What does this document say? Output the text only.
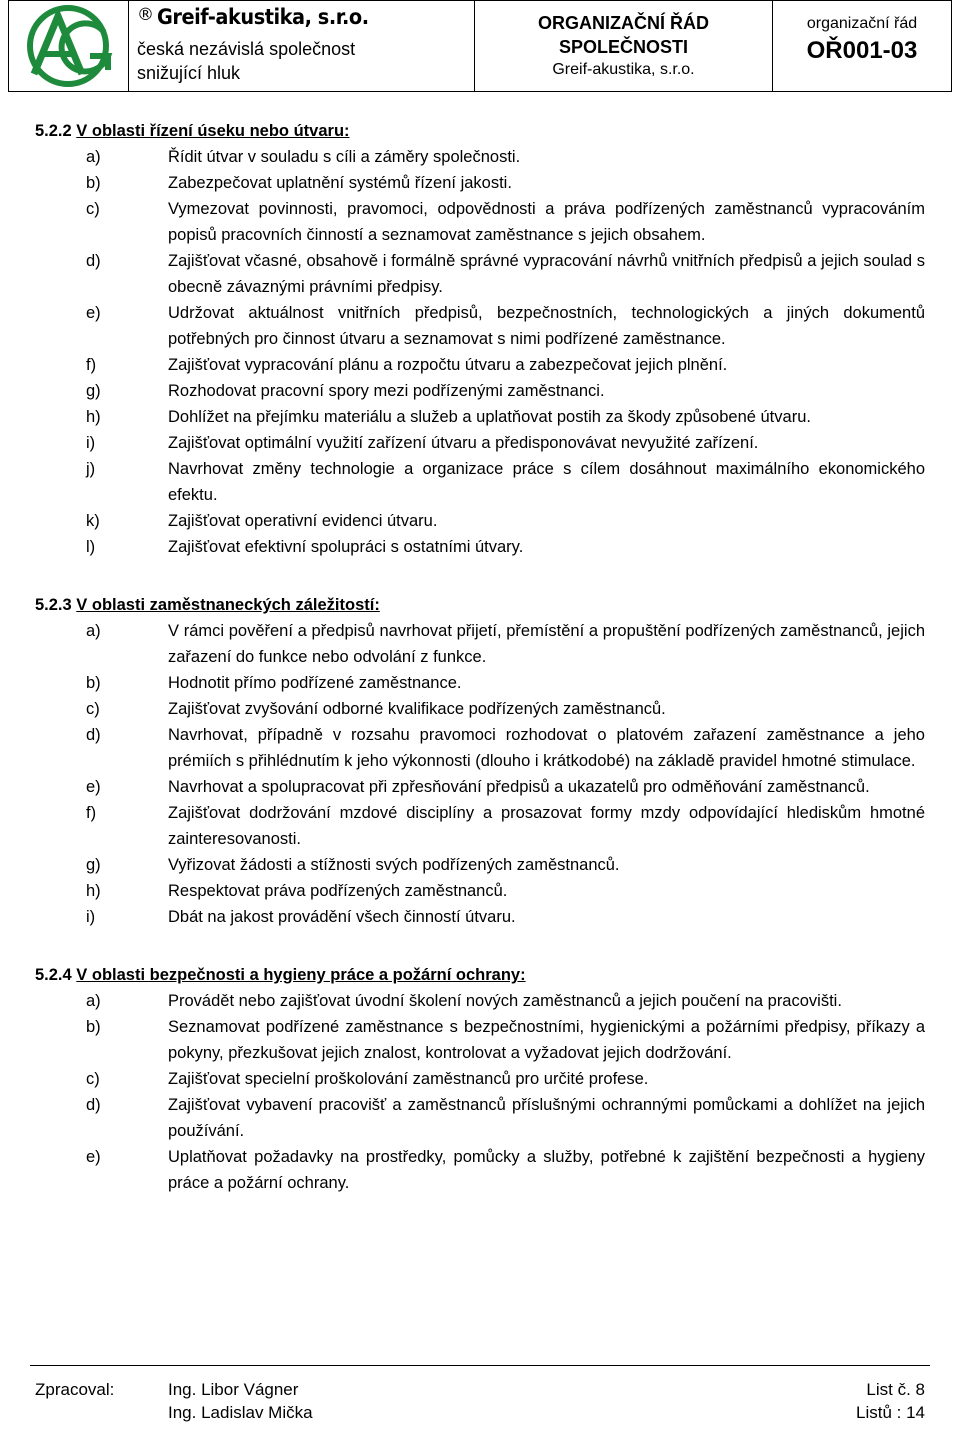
® Greif-akustika, s.r.o.
česká nezávislá společnost
snižující hluk
ORGANIZAČNÍ ŘÁD
SPOLEČNOSTI
Greif-akustika, s.r.o.
organizační řád
OŘ001-03
5.2.2 V oblasti řízení úseku nebo útvaru:
a)	Řídit útvar v souladu s cíli a záměry společnosti.
b)	Zabezpečovat uplatnění systémů řízení jakosti.
c)	Vymezovat povinnosti, pravomoci, odpovědnosti a práva podřízených zaměstnanců vypracováním popisů pracovních činností a seznamovat zaměstnance s jejich obsahem.
d)	Zajišťovat včasné, obsahově i formálně správné vypracování návrhů vnitřních předpisů a jejich soulad s obecně závaznými právními předpisy.
e)	Udržovat aktuálnost vnitřních předpisů, bezpečnostních, technologických a jiných dokumentů potřebných pro činnost útvaru a seznamovat s nimi podřízené zaměstnance.
f)	Zajišťovat vypracování plánu a rozpočtu útvaru a zabezpečovat jejich plnění.
g)	Rozhodovat pracovní spory mezi podřízenými zaměstnanci.
h)	Dohlížet na přejímku materiálu a služeb a uplatňovat postih za škody způsobené útvaru.
i)	Zajišťovat optimální využití zařízení útvaru a předisponovávat nevyužité zařízení.
j)	Navrhovat změny technologie a organizace práce s cílem dosáhnout maximálního ekonomického efektu.
k)	Zajišťovat operativní evidenci útvaru.
l)	Zajišťovat efektivní spolupráci s ostatními útvary.
5.2.3 V oblasti zaměstnaneckých záležitostí:
a)	V rámci pověření a předpisů navrhovat přijetí, přemístění a propuštění podřízených zaměstnanců, jejich zařazení do funkce nebo odvolání z funkce.
b)	Hodnotit přímo podřízené zaměstnance.
c)	Zajišťovat zvyšování odborné kvalifikace podřízených zaměstnanců.
d)	Navrhovat, případně v rozsahu pravomoci rozhodovat o platovém zařazení zaměstnance a jeho prémiích s přihlédnutím k jeho výkonnosti (dlouho i krátkodobé) na základě pravidel hmotné stimulace.
e)	Navrhovat a spolupracovat při zpřesňování předpisů a ukazatelů pro odměňování zaměstnanců.
f)	Zajišťovat dodržování mzdové disciplíny a prosazovat formy mzdy odpovídající hlediskům hmotné zainteresovanosti.
g)	Vyřizovat žádosti a stížnosti svých podřízených zaměstnanců.
h)	Respektovat práva podřízených zaměstnanců.
i)	Dbát na jakost provádění všech činností útvaru.
5.2.4 V oblasti bezpečnosti a hygieny práce a požární ochrany:
a)	Provádět nebo zajišťovat úvodní školení nových zaměstnanců a jejich poučení na pracovišti.
b)	Seznamovat podřízené zaměstnance s bezpečnostními, hygienickými a požárními předpisy, příkazy a pokyny, přezkušovat jejich znalost, kontrolovat a vyžadovat jejich dodržování.
c)	Zajišťovat specielní proškolování zaměstnanců pro určité profese.
d)	Zajišťovat vybavení pracovišť a zaměstnanců příslušnými ochrannými pomůckami a dohlížet na jejich používání.
e)	Uplatňovat požadavky na prostředky, pomůcky a služby, potřebné k zajištění bezpečnosti a hygieny práce a požární ochrany.
Zpracoval:	Ing. Libor Vágner
Ing. Ladislav Mička
List č. 8
Listů : 14
